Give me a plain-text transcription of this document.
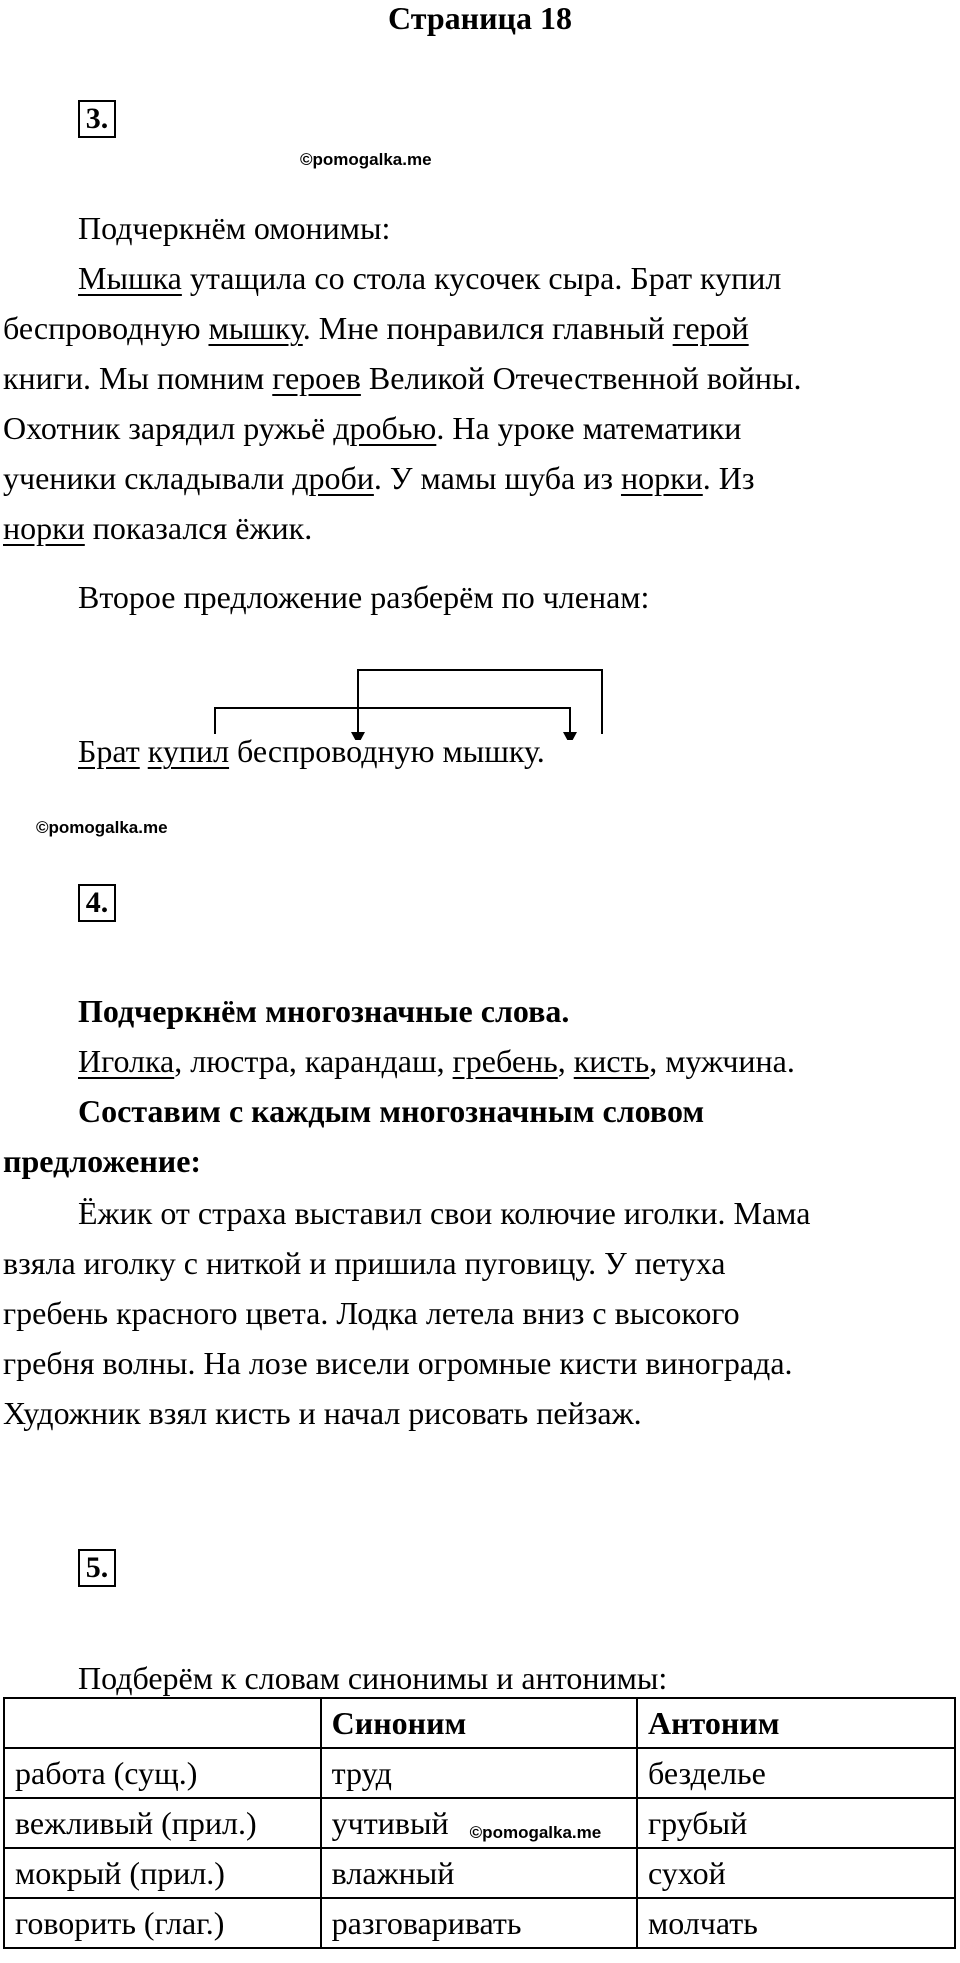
Страница 18
3.
©pomogalka.me

Подчеркнём омонимы:

Мышка утащила со стола кусочек сыра. Брат купил
беспроводную мышку. Мне понравился главный герой
книги. Мы помним героев Великой Отечественной войны.
Охотник зарядил ружьё дробью. На уроке математики
ученики складывали дроби. У мамы шуба из норки. Из
норки показался ёжик.

Второе предложение разберём по членам:

Брат купил беспроводную мышку.
©pomogalka.me
4.
Подчеркнём многозначные слова.
Иголка, люстра, карандаш, гребень, кисть, мужчина.
Составим с каждым многозначным словом
предложение:
Ёжик от страха выставил свои колючие иголки. Мама
взяла иголку с ниткой и пришила пуговицу. У петуха
гребень красного цвета. Лодка летела вниз с высокого
гребня волны. На лозе висели огромные кисти винограда.
Художник взял кисть и начал рисовать пейзаж.
5.

Подберём к словам синонимы и антонимы:

	Синоним	Антоним
работа (сущ.)	труд	безделье
вежливый (прил.)	учтивый ©pomogalka.me	грубый
мокрый (прил.)	влажный	сухой
говорить (глаг.)	разговаривать	молчать
